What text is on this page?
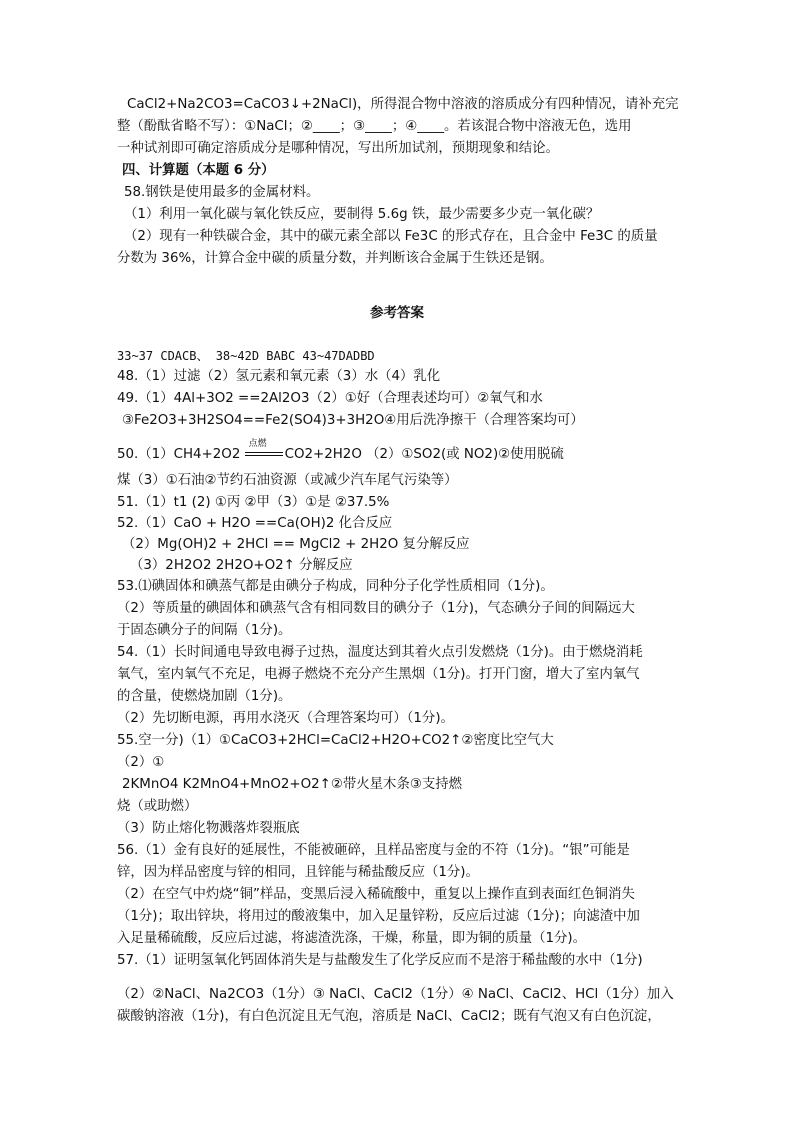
CaCl2+Na2CO3=CaCO3↓+2NaCl)，所得混合物中溶液的溶质成分有四种情况，请补充完
整（酚酞省略不写）：①NaCl；②____；③____；④____。若该混合物中溶液无色，选用
一种试剂即可确定溶质成分是哪种情况，写出所加试剂，预期现象和结论。
四、计算题（本题 6 分）
58.钢铁是使用最多的金属材料。
（1）利用一氧化碳与氧化铁反应，要制得 5.6g 铁，最少需要多少克一氧化碳？
（2）现有一种铁碳合金，其中的碳元素全部以 Fe3C 的形式存在，且合金中 Fe3C 的质量
分数为 36%，计算合金中碳的质量分数，并判断该合金属于生铁还是钢。
参考答案
33~37 CDACB、 38~42D BABC 43~47DADBD
48.（1）过滤（2）氢元素和氧元素（3）水（4）乳化
49.（1）4Al+3O2 ==2Al2O3（2）①好（合理表述均可）②氧气和水
③Fe2O3+3H2SO4==Fe2(SO4)3+3H2O④用后洗净擦干（合理答案均可）
50.（1）CH4+2O2
点燃
CO2+2H2O （2）①SO2(或 NO2)②使用脱硫
煤（3）①石油②节约石油资源（或减少汽车尾气污染等）
51.（1）t1 (2) ①丙 ②甲（3）①是 ②37.5%
52.（1）CaO + H2O ==Ca(OH)2 化合反应
（2）Mg(OH)2 + 2HCl == MgCl2 + 2H2O 复分解反应
（3）2H2O2 2H2O+O2↑ 分解反应
53.⑴碘固体和碘蒸气都是由碘分子构成，同种分子化学性质相同（1分)。
（2）等质量的碘固体和碘蒸气含有相同数目的碘分子（1分)，气态碘分子间的间隔远大
于固态碘分子的间隔（1分)。
54.（1）长时间通电导致电褥子过热，温度达到其着火点引发燃烧（1分)。由于燃烧消耗
氧气，室内氧气不充足，电褥子燃烧不充分产生黑烟（1分)。打开门窗，增大了室内氧气
的含量，使燃烧加剧（1分)。
（2）先切断电源，再用水浇灭（合理答案均可）（1分)。
55.空一分)（1）①CaCO3+2HCl=CaCl2+H2O+CO2↑②密度比空气大
（2）①
2KMnO4 K2MnO4+MnO2+O2↑②带火星木条③支持燃
烧（或助燃）
（3）防止熔化物溅落炸裂瓶底
56.（1）金有良好的延展性，不能被砸碎，且样品密度与金的不符（1分)。“银”可能是
锌，因为样品密度与锌的相同，且锌能与稀盐酸反应（1分)。
（2）在空气中灼烧“铜”样品，变黑后浸入稀硫酸中，重复以上操作直到表面红色铜消失
（1分)；取出锌块，将用过的酸液集中，加入足量锌粉，反应后过滤（1分)；向滤渣中加
入足量稀硫酸，反应后过滤，将滤渣洗涤，干燥，称量，即为铜的质量（1分)。
57.（1）证明氢氧化钙固体消失是与盐酸发生了化学反应而不是溶于稀盐酸的水中（1分)
（2）②NaCl、Na2CO3（1分）③ NaCl、CaCl2（1分）④ NaCl、CaCl2、HCl（1分）加入
碳酸钠溶液（1分)，有白色沉淀且无气泡，溶质是 NaCl、CaCl2；既有气泡又有白色沉淀，
